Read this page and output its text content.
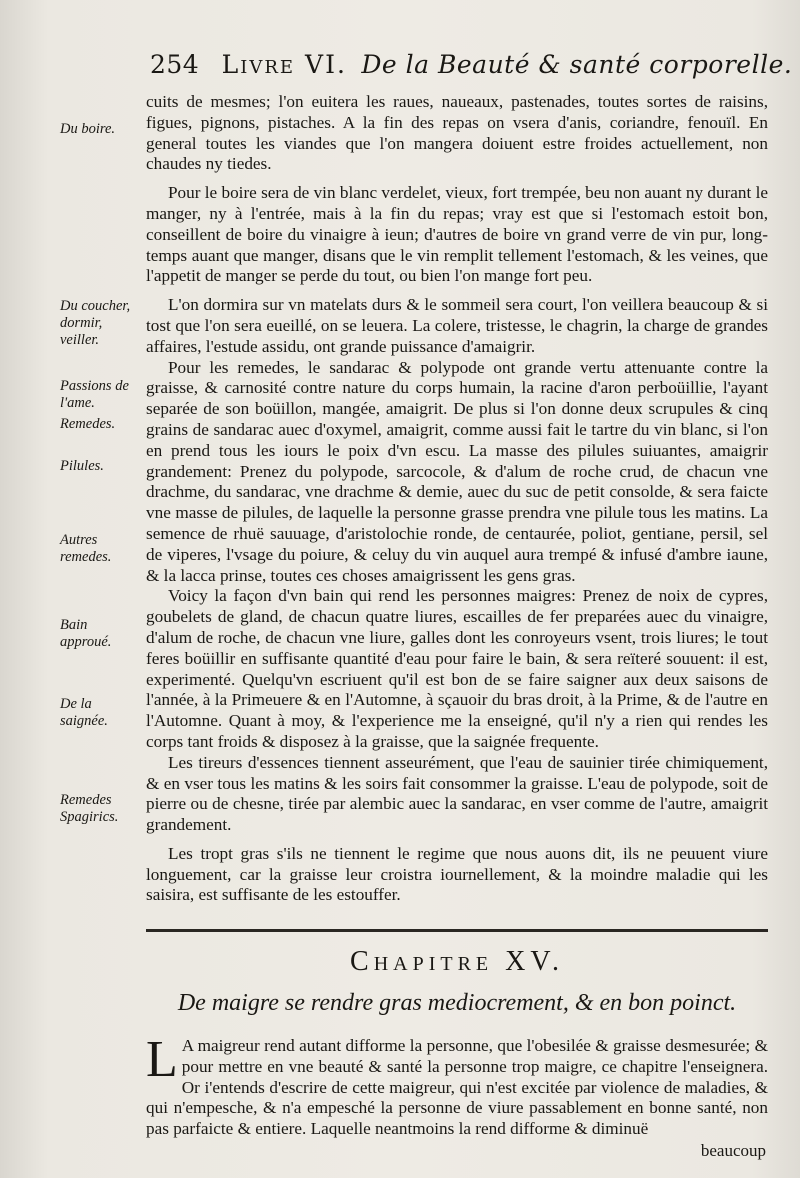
254 Livre VI. De la Beauté & santé corporelle.
Du boire.
Du coucher, dormir, veiller.
Passions de l'ame.
Remedes.
Pilules.
Autres remedes.
Bain approué.
De la saignée.
Remedes Spagirics.

cuits de mesmes; l'on euitera les raues, naueaux, pastenades, toutes sortes de raisins, figues, pignons, pistaches. A la fin des repas on vsera d'anis, coriandre, fenouïl. En general toutes les viandes que l'on mangera doiuent estre froides actuellement, non chaudes ny tiedes.

Pour le boire sera de vin blanc verdelet, vieux, fort trempée, beu non auant ny durant le manger, ny à l'entrée, mais à la fin du repas; vray est que si l'estomach estoit bon, conseillent de boire du vinaigre à ieun; d'autres de boire vn grand verre de vin pur, long-temps auant que manger, disans que le vin remplit tellement l'estomach, & les veines, que l'appetit de manger se perde du tout, ou bien l'on mange fort peu.

L'on dormira sur vn matelats durs & le sommeil sera court, l'on veillera beaucoup & si tost que l'on sera eueillé, on se leuera. La colere, tristesse, le chagrin, la charge de grandes affaires, l'estude assidu, ont grande puissance d'amaigrir.

Pour les remedes, le sandarac & polypode ont grande vertu attenuante contre la graisse, & carnosité contre nature du corps humain, la racine d'aron perboüillie, l'ayant separée de son boüillon, mangée, amaigrit. De plus si l'on donne deux scrupules & cinq grains de sandarac auec d'oxymel, amaigrit, comme aussi fait le tartre du vin blanc, si l'on en prend tous les iours le poix d'vn escu. La masse des pilules suiuantes, amaigrir grandement: Prenez du polypode, sarcocole, & d'alum de roche crud, de chacun vne drachme, du sandarac, vne drachme & demie, auec du suc de petit consolde, & sera faicte vne masse de pilules, de laquelle la personne grasse prendra vne pilule tous les matins. La semence de rhuë sauuage, d'aristolochie ronde, de centaurée, poliot, gentiane, persil, sel de viperes, l'vsage du poiure, & celuy du vin auquel aura trempé & infusé d'ambre iaune, & la lacca prinse, toutes ces choses amaigrissent les gens gras.

Voicy la façon d'vn bain qui rend les personnes maigres: Prenez de noix de cypres, goubelets de gland, de chacun quatre liures, escailles de fer preparées auec du vinaigre, d'alum de roche, de chacun vne liure, galles dont les conroyeurs vsent, trois liures; le tout feres boüillir en suffisante quantité d'eau pour faire le bain, & sera reïteré souuent: il est, experimenté. Quelqu'vn escriuent qu'il est bon de se faire saigner aux deux saisons de l'année, à la Primeuere & en l'Automne, à sçauoir du bras droit, à la Prime, & de l'autre en l'Automne. Quant à moy, & l'experience me la enseigné, qu'il n'y a rien qui rendes les corps tant froids & disposez à la graisse, que la saignée frequente.

Les tireurs d'essences tiennent asseurément, que l'eau de sauinier tirée chimiquement, & en vser tous les matins & les soirs fait consommer la graisse. L'eau de polypode, soit de pierre ou de chesne, tirée par alembic auec la sandarac, en vser comme de l'autre, amaigrit grandement.

Les tropt gras s'ils ne tiennent le regime que nous auons dit, ils ne peuuent viure longuement, car la graisse leur croistra iournellement, & la moindre maladie qui les saisira, est suffisante de les estouffer.

Chapitre XV.
De maigre se rendre gras mediocrement, & en bon poinct.
L A maigreur rend autant difforme la personne, que l'obesilée & graisse desmesurée; & pour mettre en vne beauté & santé la personne trop maigre, ce chapitre l'enseignera. Or i'entends d'escrire de cette maigreur, qui n'est excitée par violence de maladies, & qui n'empesche, & n'a empesché la personne de viure passablement en bonne santé, non pas parfaicte & entiere. Laquelle neantmoins la rend difforme & diminuë

beaucoup
